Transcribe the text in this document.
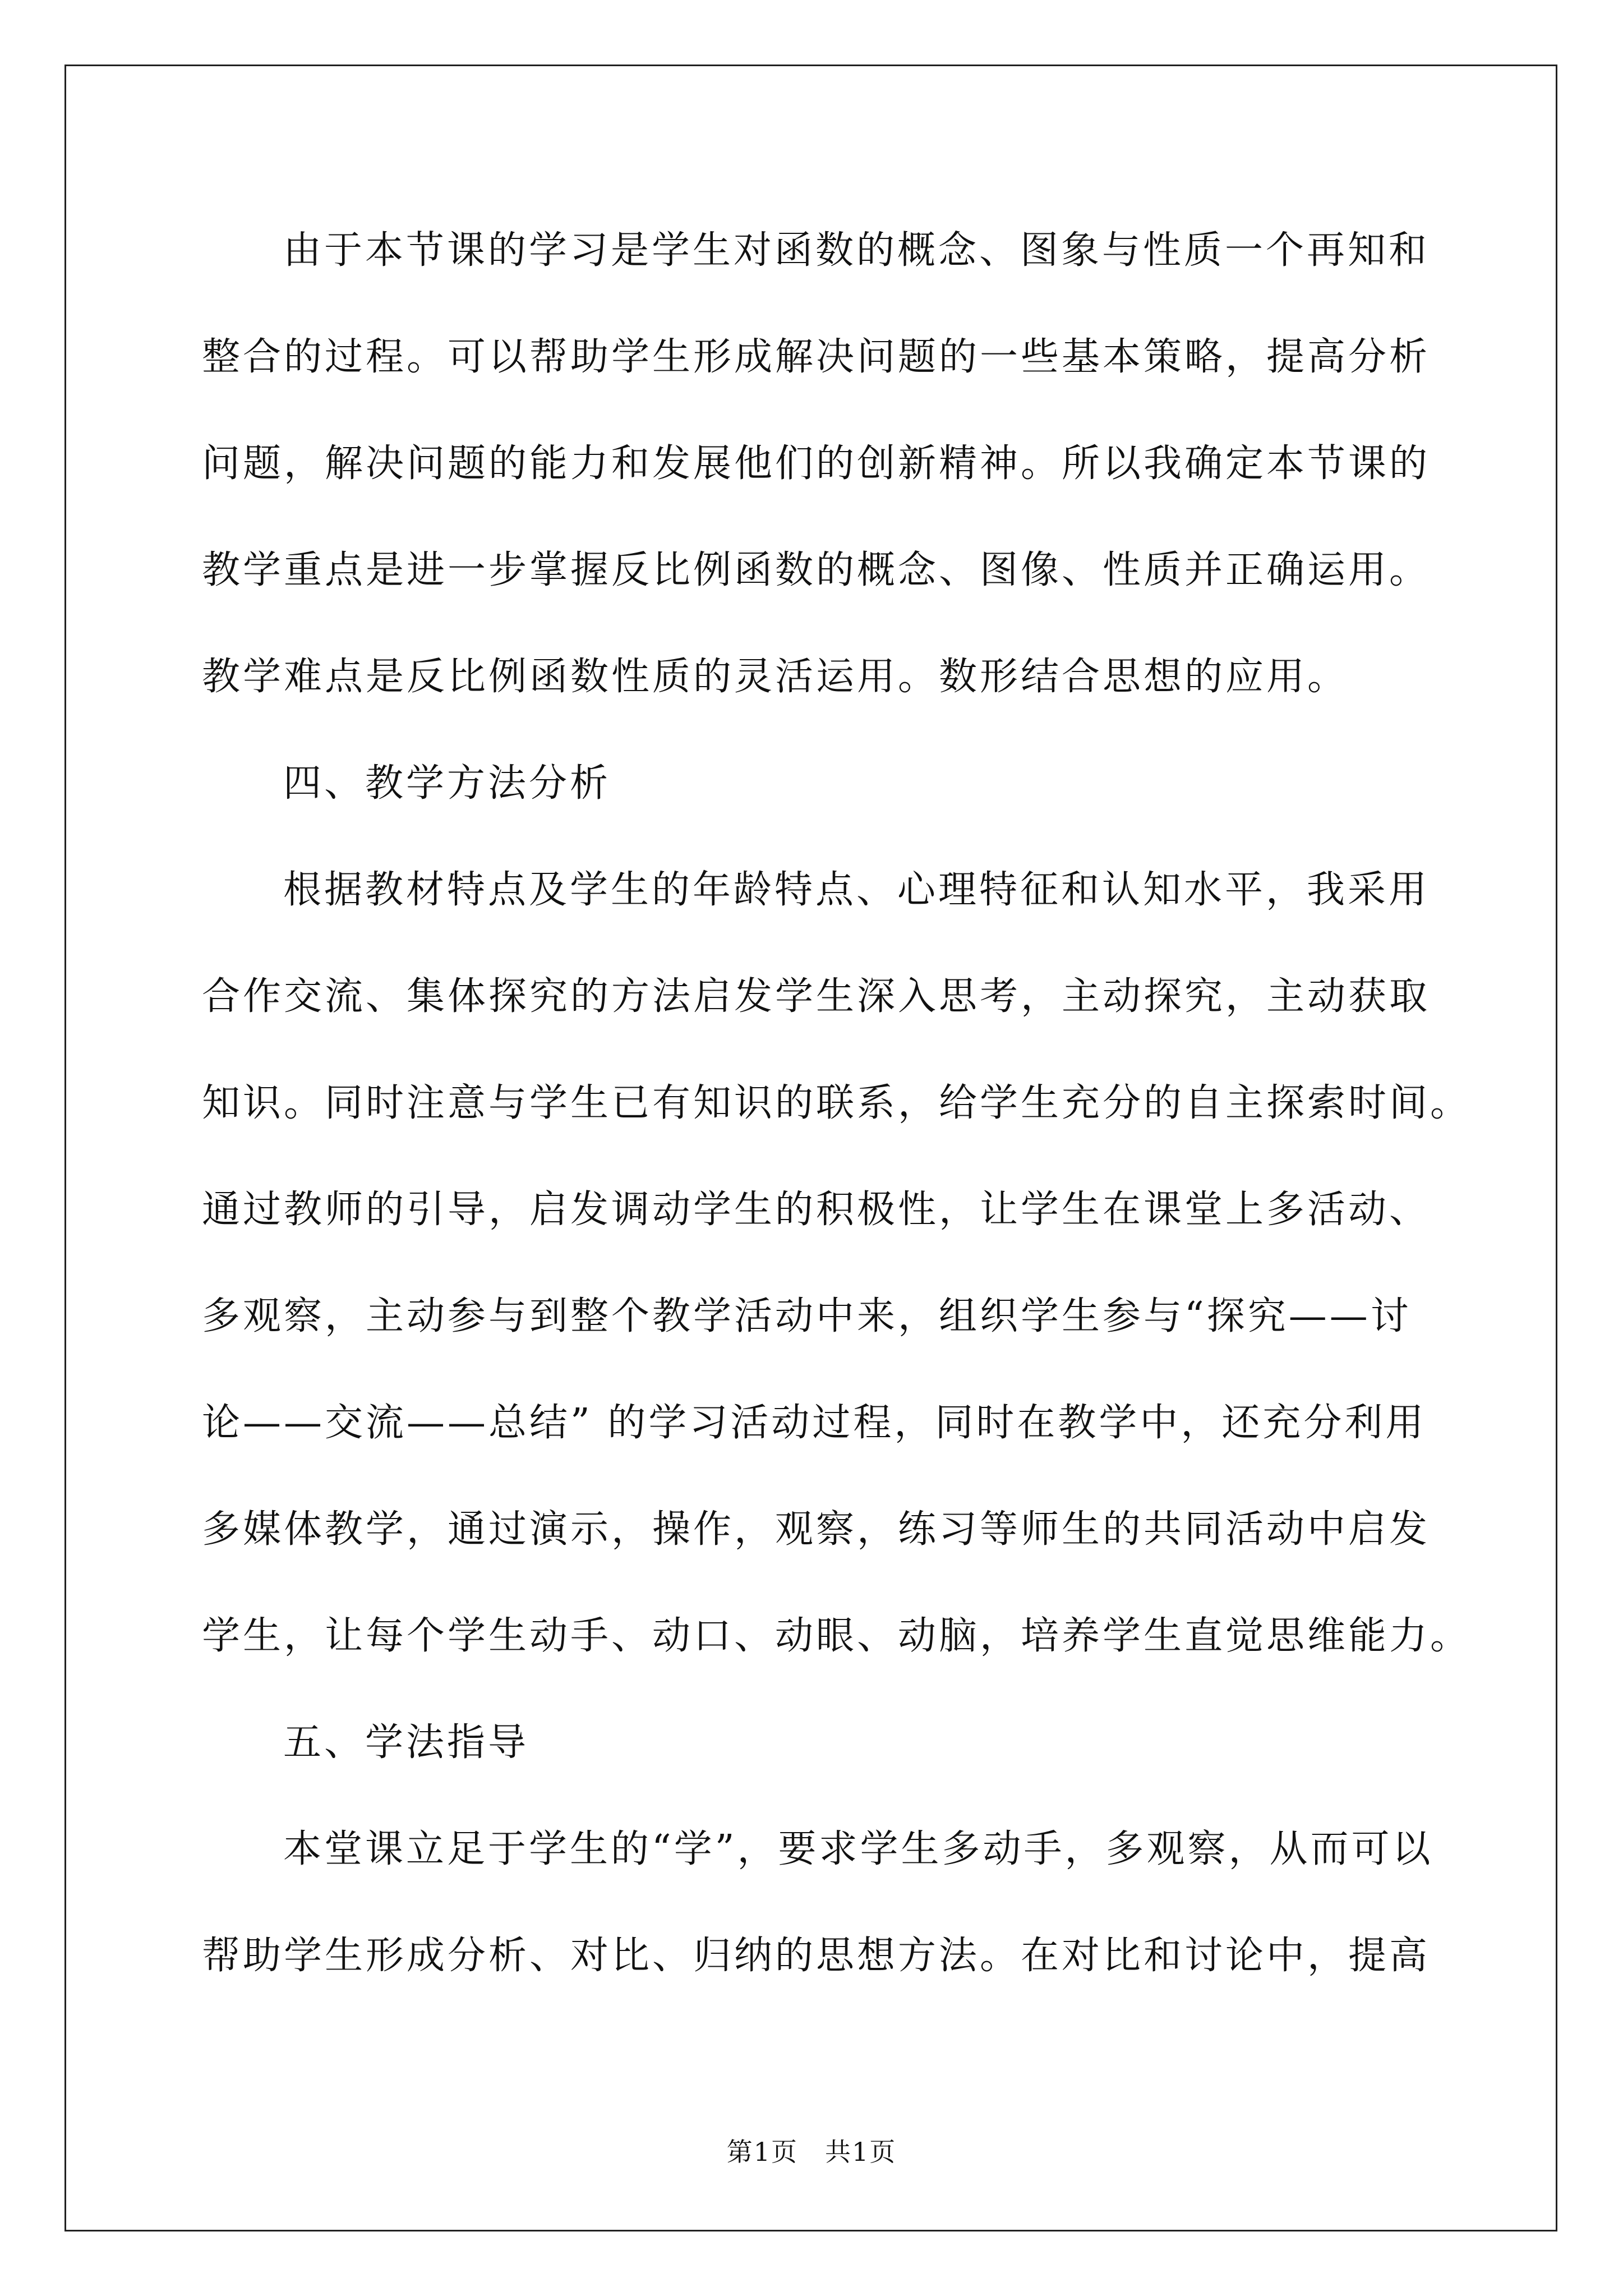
由于本节课的学习是学生对函数的概念、图象与性质一个再知和
整合的过程。可以帮助学生形成解决问题的一些基本策略，提高分析
问题，解决问题的能力和发展他们的创新精神。所以我确定本节课的
教学重点是进一步掌握反比例函数的概念、图像、性质并正确运用。
教学难点是反比例函数性质的灵活运用。数形结合思想的应用。
四、教学方法分析
根据教材特点及学生的年龄特点、心理特征和认知水平，我采用
合作交流、集体探究的方法启发学生深入思考，主动探究，主动获取
知识。同时注意与学生已有知识的联系，给学生充分的自主探索时间。
通过教师的引导，启发调动学生的积极性，让学生在课堂上多活动、
多观察，主动参与到整个教学活动中来，组织学生参与“探究——讨
论——交流——总结” 的学习活动过程，同时在教学中，还充分利用
多媒体教学，通过演示，操作，观察，练习等师生的共同活动中启发
学生，让每个学生动手、动口、动眼、动脑，培养学生直觉思维能力。
五、学法指导
本堂课立足于学生的“学”，要求学生多动手，多观察，从而可以
帮助学生形成分析、对比、归纳的思想方法。在对比和讨论中，提高
第1页　共1页
